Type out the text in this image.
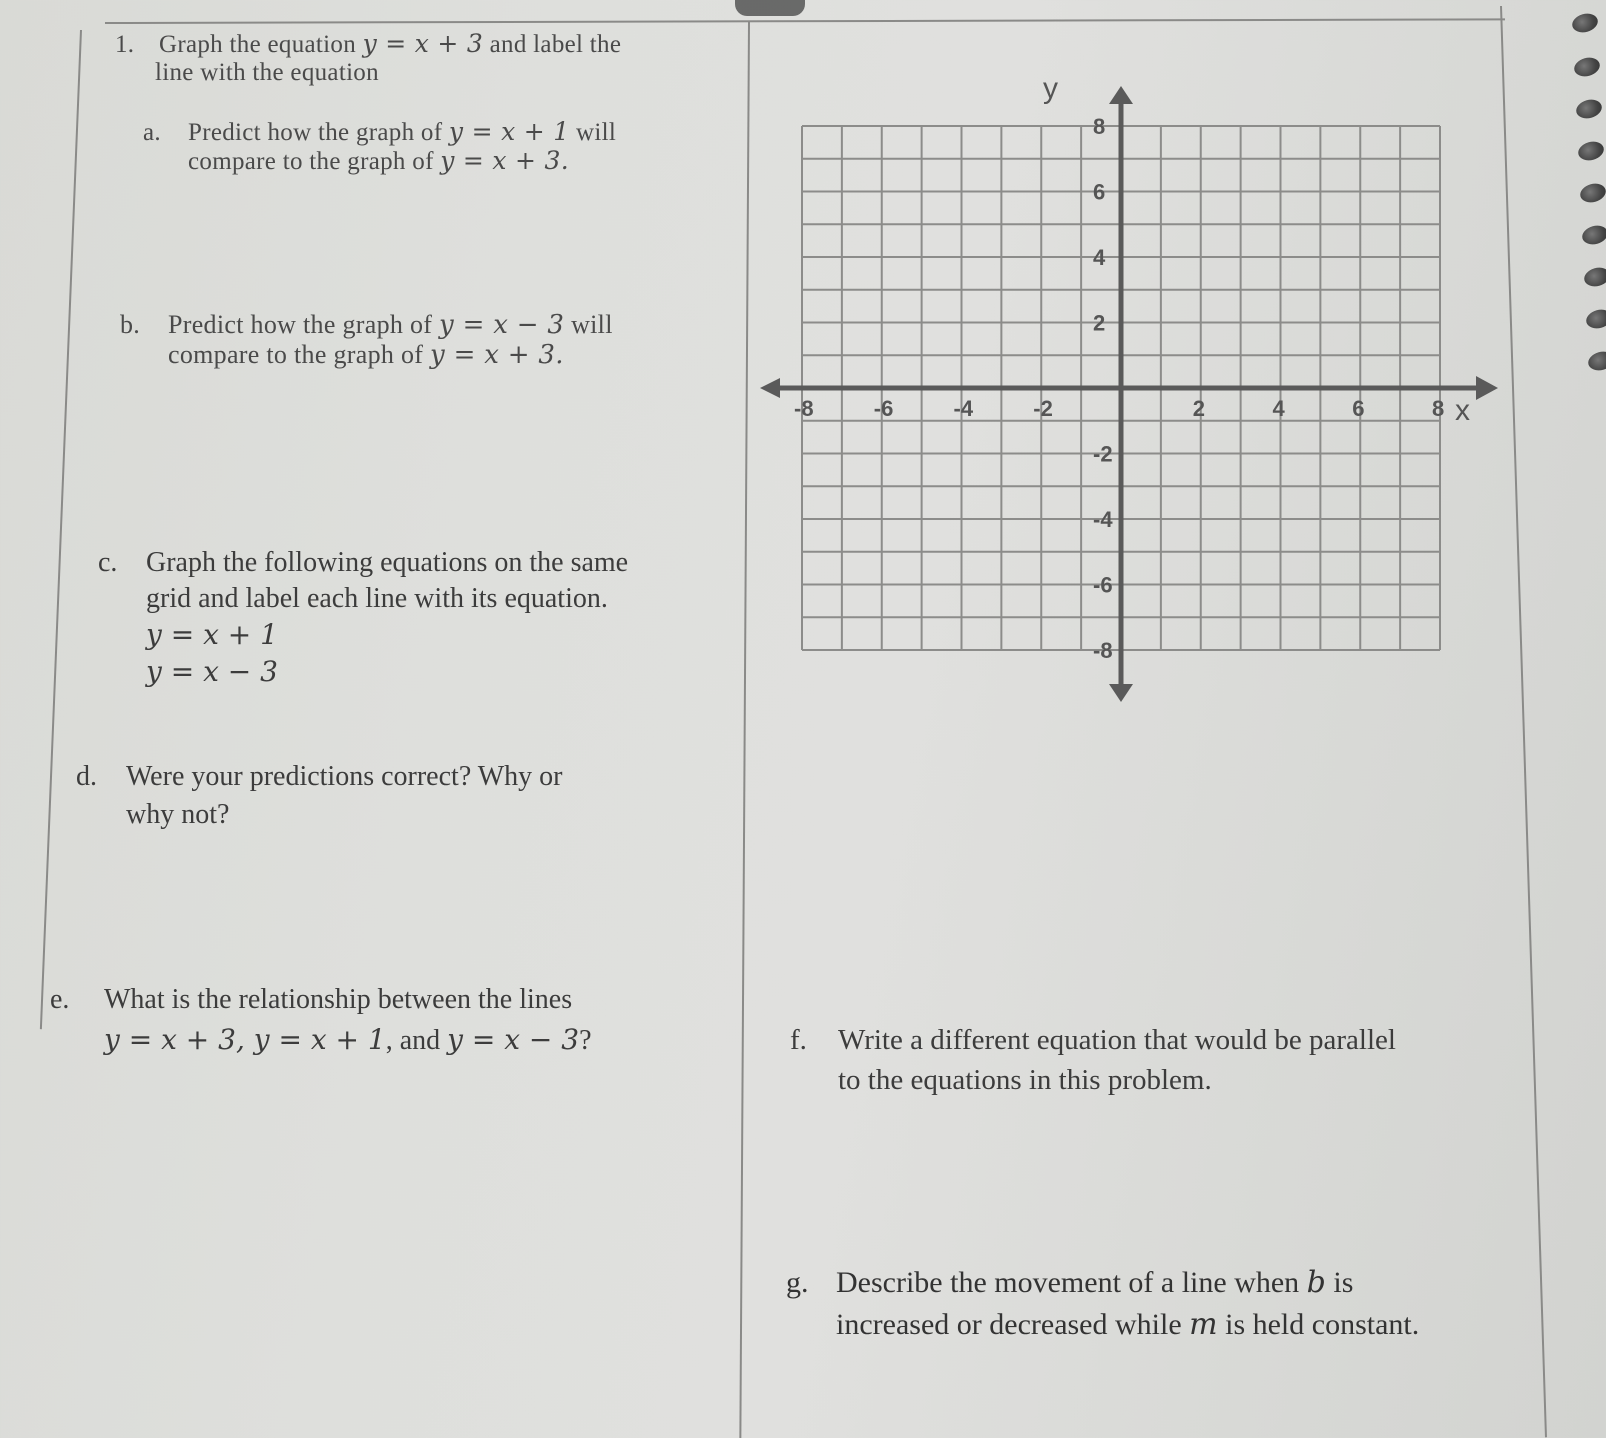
1. Graph the equation y = x + 3 and label the
line with the equation
a. Predict how the graph of y = x + 1 will
compare to the graph of y = x + 3.
b. Predict how the graph of y = x − 3 will
compare to the graph of y = x + 3.
c. Graph the following equations on the same
grid and label each line with its equation.
y = x + 1
y = x − 3
d. Were your predictions correct? Why or
why not?
e. What is the relationship between the lines
y = x + 3, y = x + 1, and y = x − 3?	f. Write a different equation that would be parallel
to the equations in this problem.
g. Describe the movement of a line when b is
increased or decreased while m is held constant.
-8	-6	-4	-2	2	4	6	8
8
6
4
2
-2
-4
-6
-8
y
x
